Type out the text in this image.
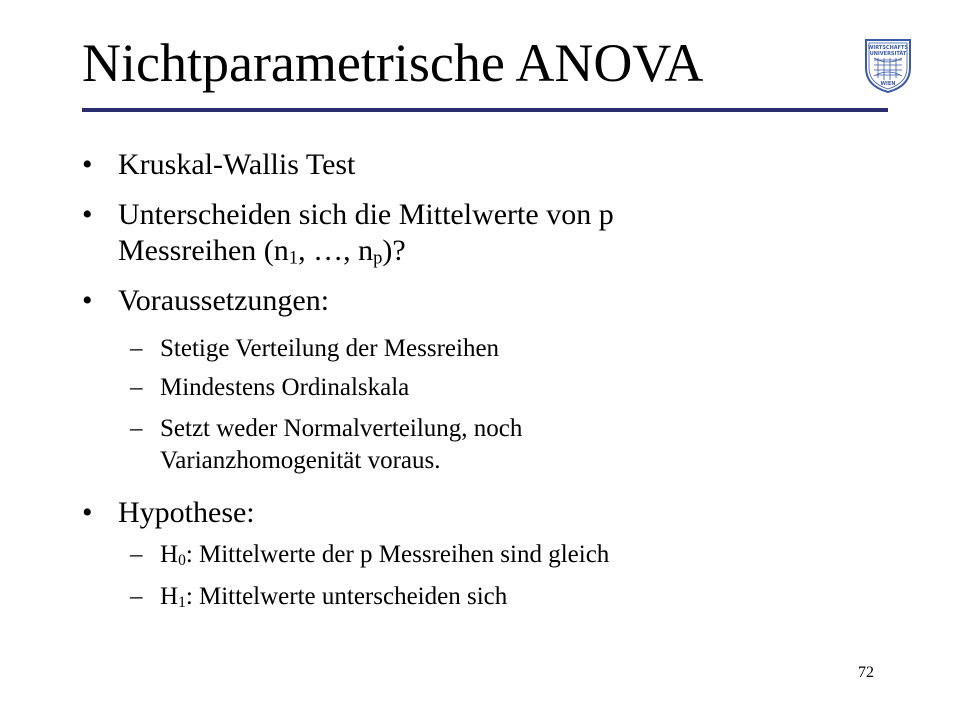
Nichtparametrische ANOVA	WIRTSCHAFTS
UNIVERSITÄT
WIEN
• Kruskal-Wallis Test
• Unterscheiden sich die Mittelwerte von p
Messreihen ($n_1$, …, $n_p$)?
• Voraussetzungen:
– Stetige Verteilung der Messreihen
– Mindestens Ordinalskala
– Setzt weder Normalverteilung, noch
Varianzhomogenität voraus.
• Hypothese:
– $H_0$: Mittelwerte der p Messreihen sind gleich
– $H_1$: Mittelwerte unterscheiden sich
72
